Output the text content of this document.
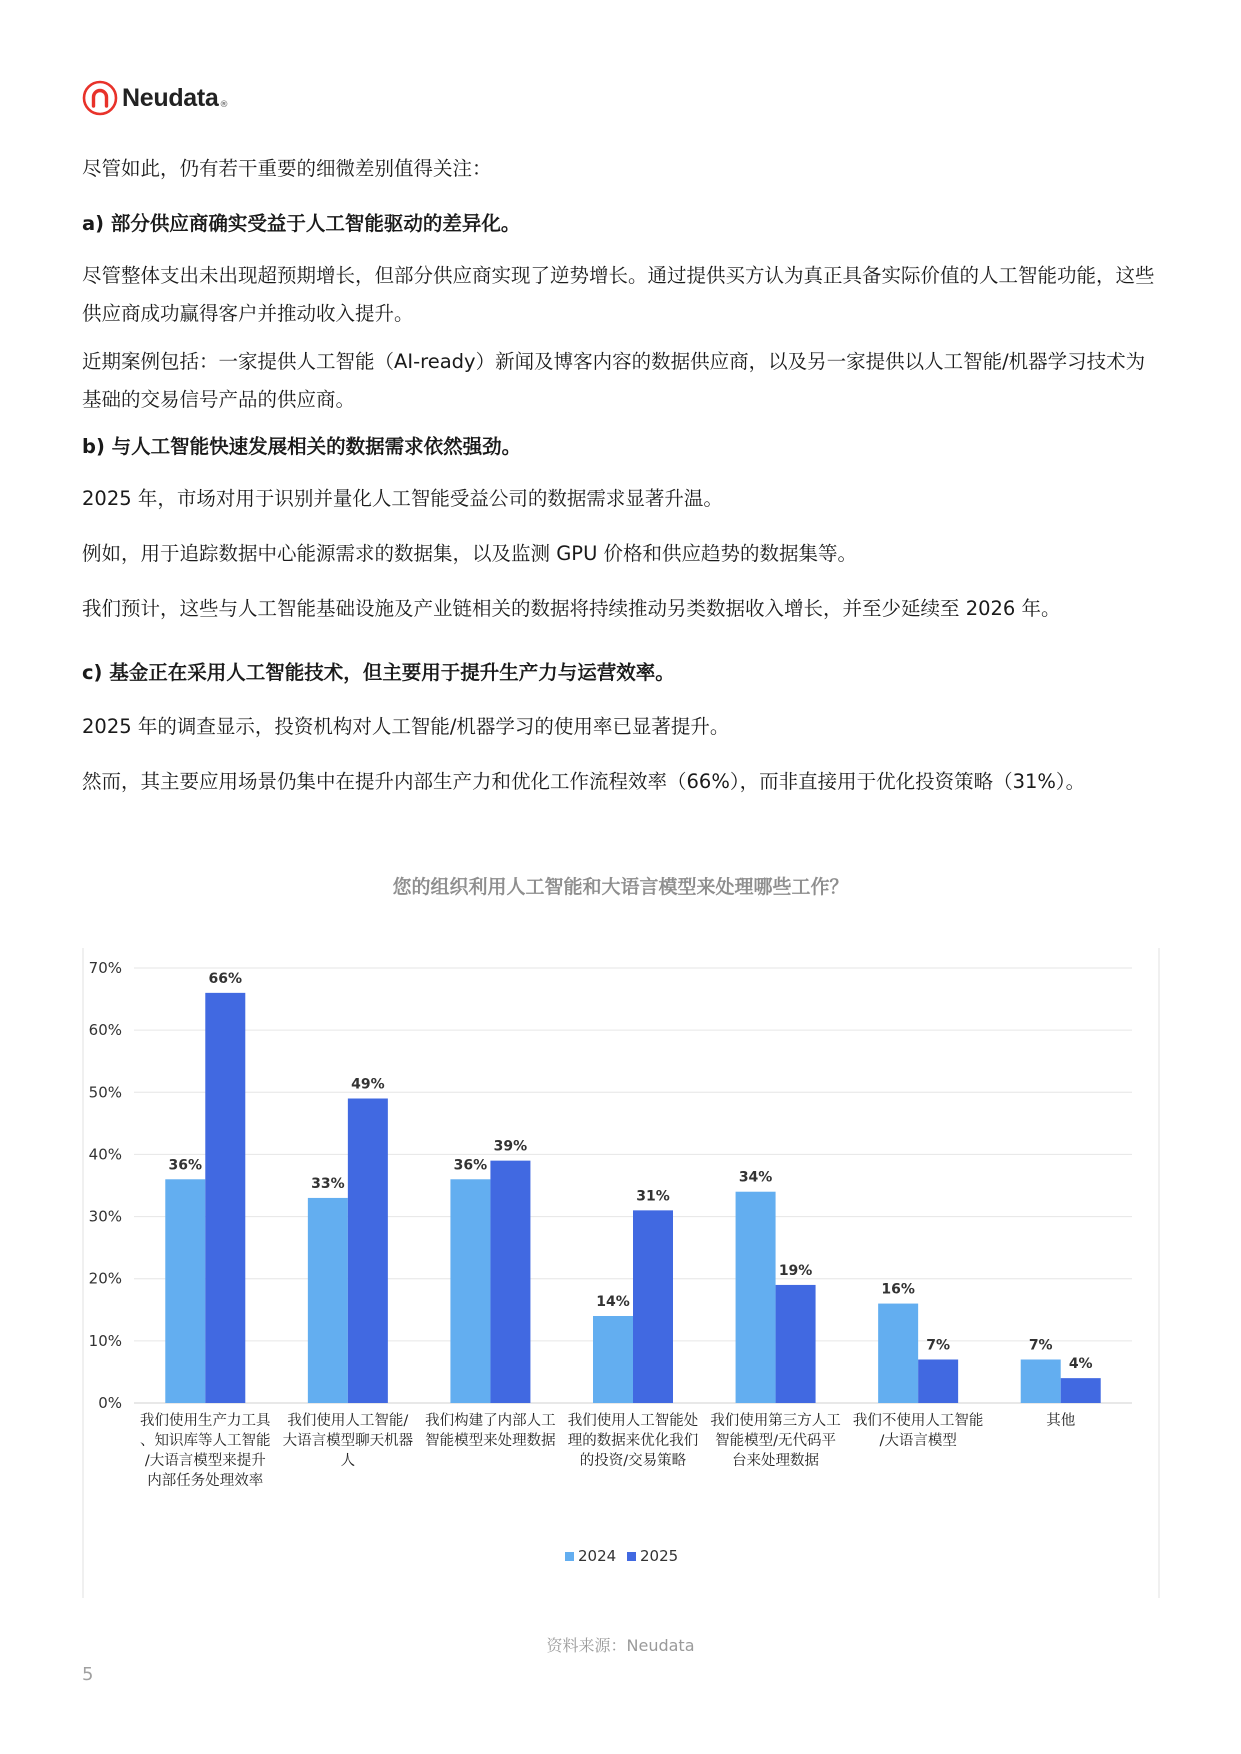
Neudata ®

尽管如此，仍有若干重要的细微差别值得关注：

a) 部分供应商确实受益于人工智能驱动的差异化。

尽管整体支出未出现超预期增长，但部分供应商实现了逆势增长。通过提供买方认为真正具备实际价值的人工智能功能，这些供应商成功赢得客户并推动收入提升。

近期案例包括：一家提供人工智能（AI-ready）新闻及博客内容的数据供应商，以及另一家提供以人工智能/机器学习技术为基础的交易信号产品的供应商。

b) 与人工智能快速发展相关的数据需求依然强劲。

2025 年，市场对用于识别并量化人工智能受益公司的数据需求显著升温。

例如，用于追踪数据中心能源需求的数据集，以及监测 GPU 价格和供应趋势的数据集等。

我们预计，这些与人工智能基础设施及产业链相关的数据将持续推动另类数据收入增长，并至少延续至 2026 年。

c) 基金正在采用人工智能技术，但主要用于提升生产力与运营效率。

2025 年的调查显示，投资机构对人工智能/机器学习的使用率已显著提升。

然而，其主要应用场景仍集中在提升内部生产力和优化工作流程效率（66%），而非直接用于优化投资策略（31%）。

您的组织利用人工智能和大语言模型来处理哪些工作？

0%
10%
20%
30%
40%
50%
60%
70%
36%
66%
我们使用生产力工具
、知识库等人工智能
/大语言模型来提升
内部任务处理效率
33%
49%
我们使用人工智能/
大语言模型聊天机器
人
36%
39%
我们构建了内部人工
智能模型来处理数据
14%
31%
我们使用人工智能处
理的数据来优化我们
的投资/交易策略
34%
19%
我们使用第三方人工
智能模型/无代码平
台来处理数据
16%
7%
我们不使用人工智能
/大语言模型
7%
4%
其他
2024 2025
资料来源：Neudata
5
